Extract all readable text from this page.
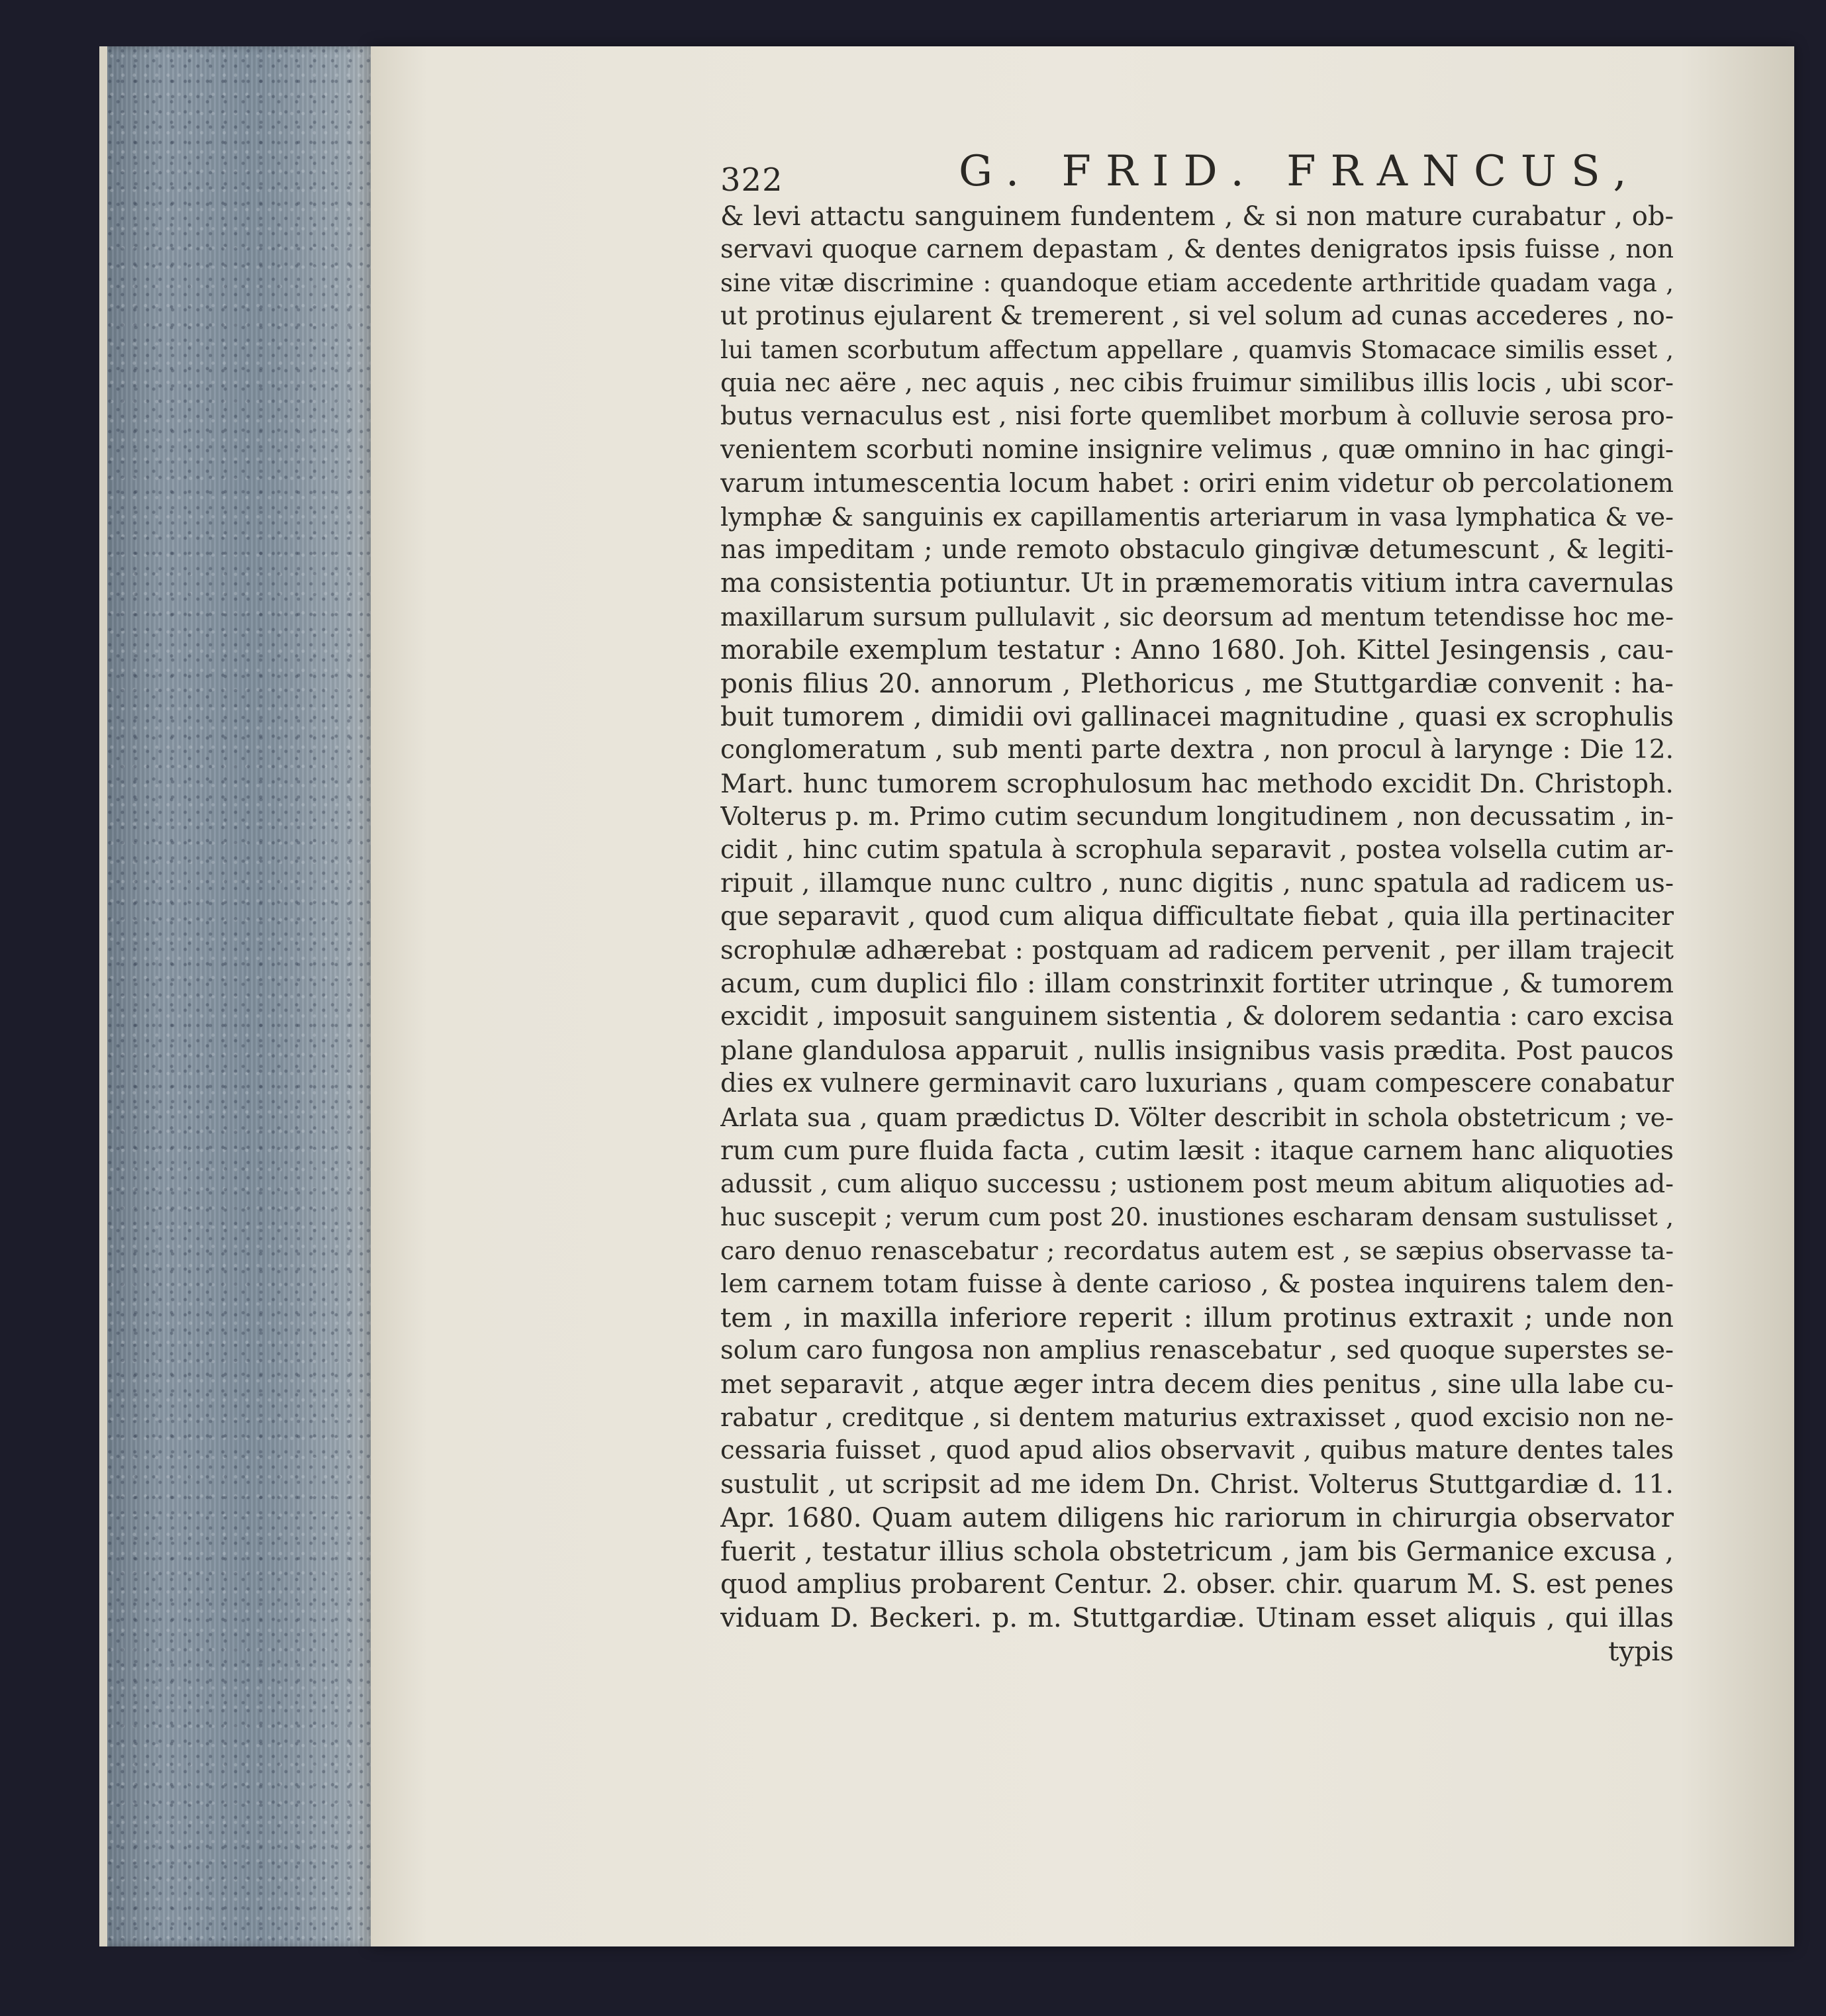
322	G. FRID. FRANCUS,
& levi attactu sanguinem fundentem , & si non mature curabatur , ob-
servavi quoque carnem depastam , & dentes denigratos ipsis fuisse , non
sine vitæ discrimine : quandoque etiam accedente arthritide quadam vaga ,
ut protinus ejularent & tremerent , si vel solum ad cunas accederes , no-
lui tamen scorbutum affectum appellare , quamvis Stomacace similis esset ,
quia nec aëre , nec aquis , nec cibis fruimur similibus illis locis , ubi scor-
butus vernaculus est , nisi forte quemlibet morbum à colluvie serosa pro-
venientem scorbuti nomine insignire velimus , quæ omnino in hac gingi-
varum intumescentia locum habet : oriri enim videtur ob percolationem
lymphæ & sanguinis ex capillamentis arteriarum in vasa lymphatica & ve-
nas impeditam ; unde remoto obstaculo gingivæ detumescunt , & legiti-
ma consistentia potiuntur. Ut in præmemoratis vitium intra cavernulas
maxillarum sursum pullulavit , sic deorsum ad mentum tetendisse hoc me-
morabile exemplum testatur : Anno 1680. Joh. Kittel Jesingensis , cau-
ponis filius 20. annorum , Plethoricus , me Stuttgardiæ convenit : ha-
buit tumorem , dimidii ovi gallinacei magnitudine , quasi ex scrophulis
conglomeratum , sub menti parte dextra , non procul à larynge : Die 12.
Mart. hunc tumorem scrophulosum hac methodo excidit Dn. Christoph.
Volterus p. m. Primo cutim secundum longitudinem , non decussatim , in-
cidit , hinc cutim spatula à scrophula separavit , postea volsella cutim ar-
ripuit , illamque nunc cultro , nunc digitis , nunc spatula ad radicem us-
que separavit , quod cum aliqua difficultate fiebat , quia illa pertinaciter
scrophulæ adhærebat : postquam ad radicem pervenit , per illam trajecit
acum, cum duplici filo : illam constrinxit fortiter utrinque , & tumorem
excidit , imposuit sanguinem sistentia , & dolorem sedantia : caro excisa
plane glandulosa apparuit , nullis insignibus vasis prædita. Post paucos
dies ex vulnere germinavit caro luxurians , quam compescere conabatur
Arlata sua , quam prædictus D. Völter describit in schola obstetricum ; ve-
rum cum pure fluida facta , cutim læsit : itaque carnem hanc aliquoties
adussit , cum aliquo successu ; ustionem post meum abitum aliquoties ad-
huc suscepit ; verum cum post 20. inustiones escharam densam sustulisset ,
caro denuo renascebatur ; recordatus autem est , se sæpius observasse ta-
lem carnem totam fuisse à dente carioso , & postea inquirens talem den-
tem , in maxilla inferiore reperit : illum protinus extraxit ; unde non
solum caro fungosa non amplius renascebatur , sed quoque superstes se-
met separavit , atque æger intra decem dies penitus , sine ulla labe cu-
rabatur , creditque , si dentem maturius extraxisset , quod excisio non ne-
cessaria fuisset , quod apud alios observavit , quibus mature dentes tales
sustulit , ut scripsit ad me idem Dn. Christ. Volterus Stuttgardiæ d. 11.
Apr. 1680. Quam autem diligens hic rariorum in chirurgia observator
fuerit , testatur illius schola obstetricum , jam bis Germanice excusa ,
quod amplius probarent Centur. 2. obser. chir. quarum M. S. est penes
viduam D. Beckeri. p. m. Stuttgardiæ. Utinam esset aliquis , qui illas
typis
